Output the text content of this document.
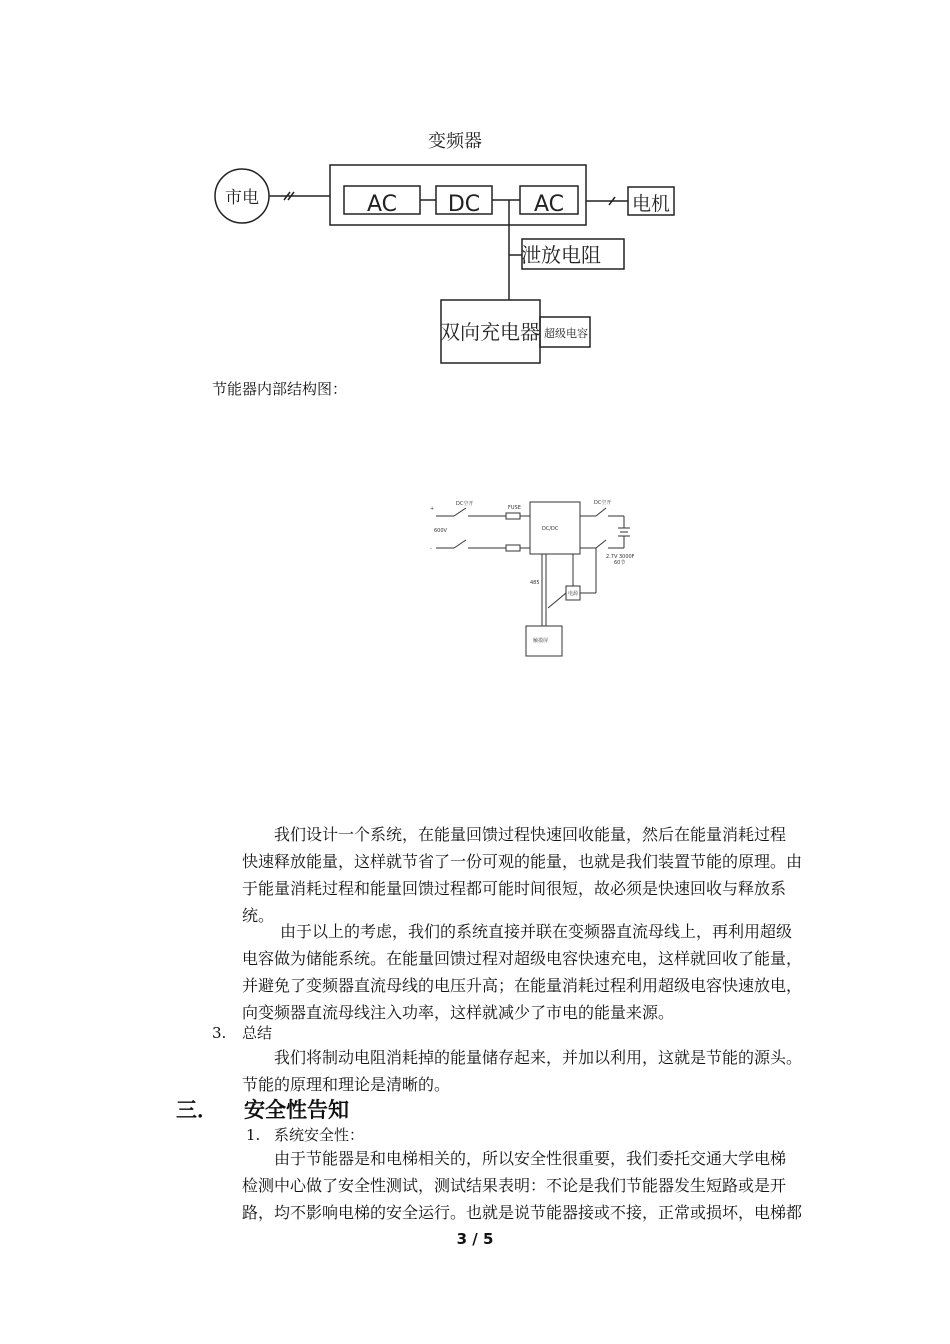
变频器
市电	AC DC AC	电机
泄放电阻
双向充电器 超级电容
节能器内部结构图：
+
-
600V
DC空开
FUSE
DC/DC
DC空开
2.7V 3000F
60节
485
电源
触摸屏
我们设计一个系统，在能量回馈过程快速回收能量，然后在能量消耗过程
快速释放能量，这样就节省了一份可观的能量，也就是我们装置节能的原理。由
于能量消耗过程和能量回馈过程都可能时间很短，故必须是快速回收与释放系
统。
由于以上的考虑，我们的系统直接并联在变频器直流母线上，再利用超级
电容做为储能系统。在能量回馈过程对超级电容快速充电，这样就回收了能量，
并避免了变频器直流母线的电压升高；在能量消耗过程利用超级电容快速放电，
向变频器直流母线注入功率，这样就减少了市电的能量来源。
3. 总结
我们将制动电阻消耗掉的能量储存起来，并加以利用，这就是节能的源头。
节能的原理和理论是清晰的。
三． 安全性告知
1. 系统安全性：
由于节能器是和电梯相关的，所以安全性很重要，我们委托交通大学电梯
检测中心做了安全性测试，测试结果表明：不论是我们节能器发生短路或是开
路，均不影响电梯的安全运行。也就是说节能器接或不接，正常或损坏，电梯都
3 / 5
